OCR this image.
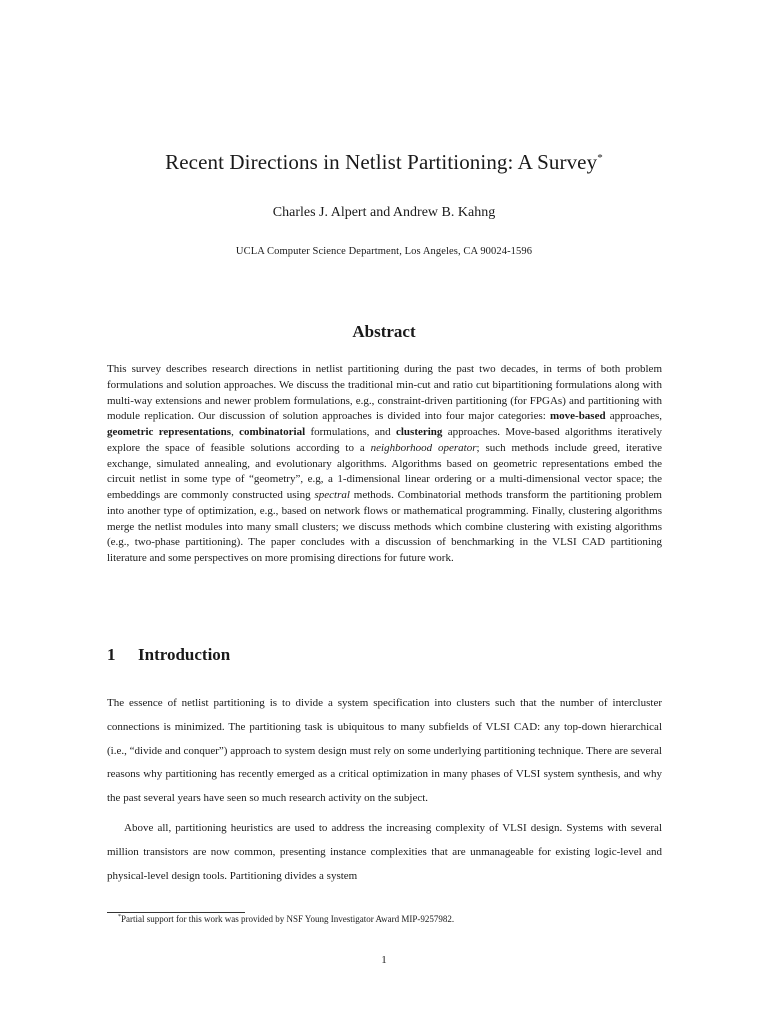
Recent Directions in Netlist Partitioning: A Survey*
Charles J. Alpert and Andrew B. Kahng
UCLA Computer Science Department, Los Angeles, CA 90024-1596
Abstract
This survey describes research directions in netlist partitioning during the past two decades, in terms of both problem formulations and solution approaches. We discuss the traditional min-cut and ratio cut bipartitioning formulations along with multi-way extensions and newer problem formulations, e.g., constraint-driven partitioning (for FPGAs) and partitioning with module replication. Our discussion of solution approaches is divided into four major categories: move-based approaches, geometric representations, combinatorial formulations, and clustering approaches. Move-based algorithms iteratively explore the space of feasible solutions according to a neighborhood operator; such methods include greed, iterative exchange, simulated annealing, and evolutionary algorithms. Algorithms based on geometric representations embed the circuit netlist in some type of “geometry”, e.g, a 1-dimensional linear ordering or a multi-dimensional vector space; the embeddings are commonly constructed using spectral methods. Combinatorial methods transform the partitioning problem into another type of optimization, e.g., based on network flows or mathematical programming. Finally, clustering algorithms merge the netlist modules into many small clusters; we discuss methods which combine clustering with existing algorithms (e.g., two-phase partitioning). The paper concludes with a discussion of benchmarking in the VLSI CAD partitioning literature and some perspectives on more promising directions for future work.
1 Introduction

The essence of netlist partitioning is to divide a system specification into clusters such that the number of intercluster connections is minimized. The partitioning task is ubiquitous to many subfields of VLSI CAD: any top-down hierarchical (i.e., “divide and conquer”) approach to system design must rely on some underlying partitioning technique. There are several reasons why partitioning has recently emerged as a critical optimization in many phases of VLSI system synthesis, and why the past several years have seen so much research activity on the subject.

Above all, partitioning heuristics are used to address the increasing complexity of VLSI design. Systems with several million transistors are now common, presenting instance complexities that are unmanageable for existing logic-level and physical-level design tools. Partitioning divides a system

*Partial support for this work was provided by NSF Young Investigator Award MIP-9257982.
1
